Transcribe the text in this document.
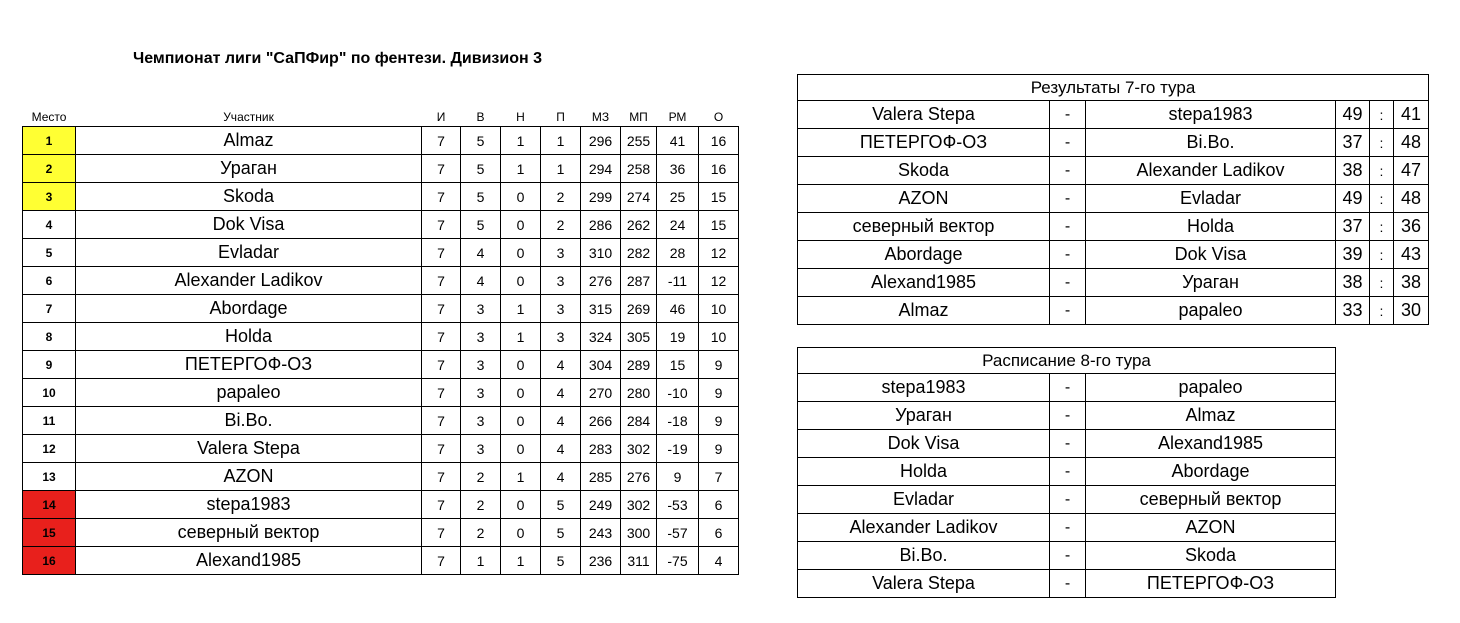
Чемпионат лиги "СаПФир" по фентези. Дивизион 3
Место	Участник	И	В	Н	П	МЗ	МП	РМ	О
1	Almaz	7	5	1	1	296	255	41	16
2	Ураган	7	5	1	1	294	258	36	16
3	Skoda	7	5	0	2	299	274	25	15
4	Dok Visa	7	5	0	2	286	262	24	15
5	Evladar	7	4	0	3	310	282	28	12
6	Alexander Ladikov	7	4	0	3	276	287	-11	12
7	Abordage	7	3	1	3	315	269	46	10
8	Holda	7	3	1	3	324	305	19	10
9	ПЕТЕРГОФ-ОЗ	7	3	0	4	304	289	15	9
10	papaleo	7	3	0	4	270	280	-10	9
11	Bi.Bo.	7	3	0	4	266	284	-18	9
12	Valera Stepa	7	3	0	4	283	302	-19	9
13	AZON	7	2	1	4	285	276	9	7
14	stepa1983	7	2	0	5	249	302	-53	6
15	северный вектор	7	2	0	5	243	300	-57	6
16	Alexand1985	7	1	1	5	236	311	-75	4
Результаты 7-го тура					
Valera Stepa	-	stepa1983	49	:	41
ПЕТЕРГОФ-ОЗ	-	Bi.Bo.	37	:	48
Skoda	-	Alexander Ladikov	38	:	47
AZON	-	Evladar	49	:	48
северный вектор	-	Holda	37	:	36
Abordage	-	Dok Visa	39	:	43
Alexand1985	-	Ураган	38	:	38
Almaz	-	papaleo	33	:	30
Расписание 8-го тура		
stepa1983	-	papaleo
Ураган	-	Almaz
Dok Visa	-	Alexand1985
Holda	-	Abordage
Evladar	-	северный вектор
Alexander Ladikov	-	AZON
Bi.Bo.	-	Skoda
Valera Stepa	-	ПЕТЕРГОФ-ОЗ
